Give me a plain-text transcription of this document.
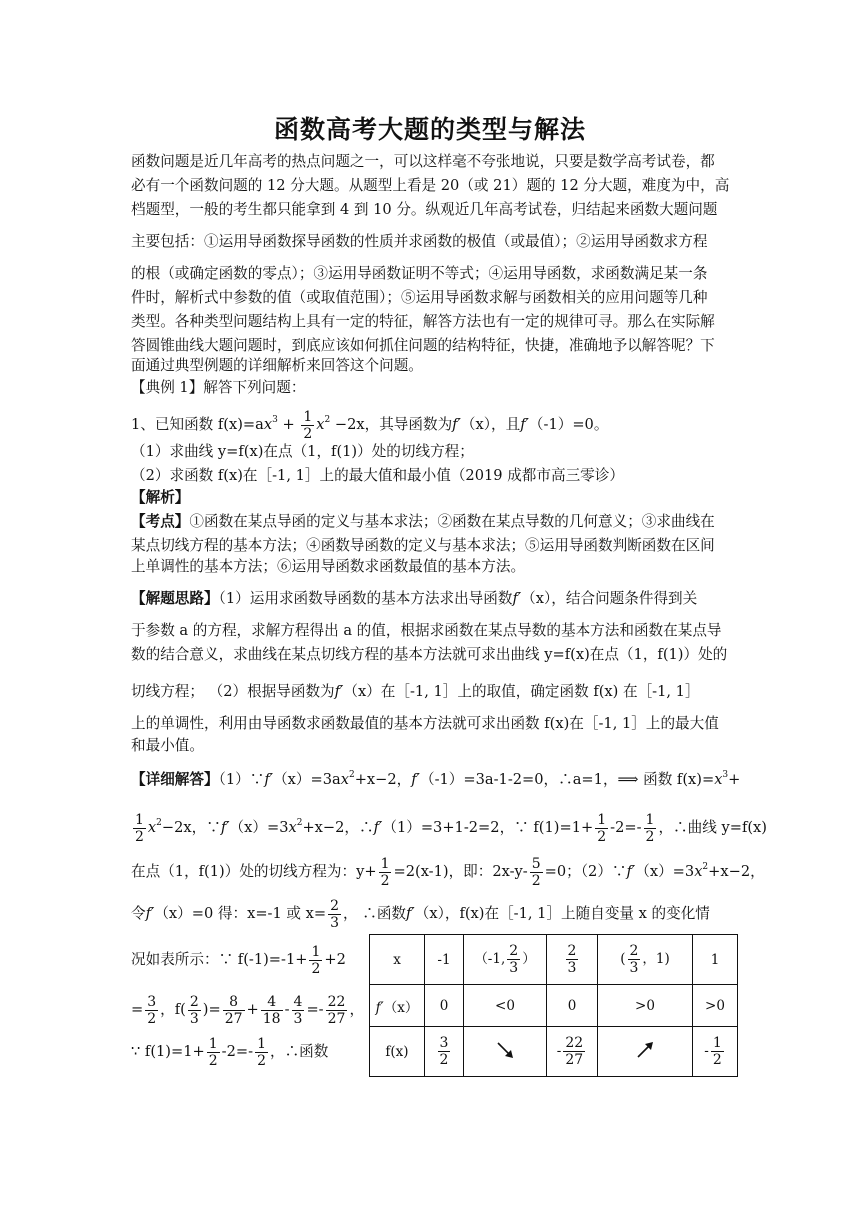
函数高考大题的类型与解法
函数问题是近几年高考的热点问题之一，可以这样毫不夸张地说，只要是数学高考试卷，都
必有一个函数问题的 12 分大题。从题型上看是 20（或 21）题的 12 分大题，难度为中，高
档题型，一般的考生都只能拿到 4 到 10 分。纵观近几年高考试卷，归结起来函数大题问题
主要包括：①运用导函数探导函数的性质并求函数的极值（或最值）；②运用导函数求方程
的根（或确定函数的零点）；③运用导函数证明不等式；④运用导函数，求函数满足某一条
件时，解析式中参数的值（或取值范围）；⑤运用导函数求解与函数相关的应用问题等几种
类型。各种类型问题结构上具有一定的特征，解答方法也有一定的规律可寻。那么在实际解
答圆锥曲线大题问题时，到底应该如何抓住问题的结构特征，快捷，准确地予以解答呢？下
面通过典型例题的详细解析来回答这个问题。
【典例 1】解答下列问题：
1、已知函数 $f(x)=ax^3 + \frac{1}{2} x^2 -2x$，其导函数为f′（x），且f′（-1）=0。
（1）求曲线 y=f(x)在点（1，f(1)）处的切线方程；
（2）求函数 f(x)在［-1, 1］上的最大值和最小值（2019 成都市高三零诊）
【解析】
【考点】①函数在某点导函的定义与基本求法；②函数在某点导数的几何意义；③求曲线在
某点切线方程的基本方法；④函数导函数的定义与基本求法；⑤运用导函数判断函数在区间
上单调性的基本方法；⑥运用导函数求函数最值的基本方法。
【解题思路】（1）运用求函数导函数的基本方法求出导函数f′（x），结合问题条件得到关
于参数 a 的方程，求解方程得出 a 的值，根据求函数在某点导数的基本方法和函数在某点导
数的结合意义，求曲线在某点切线方程的基本方法就可求出曲线 y=f(x)在点（1，f(1)）处的
切线方程； （2）根据导函数为f′（x）在［-1, 1］上的取值，确定函数 f(x) 在［-1, 1］
上的单调性，利用由导函数求函数最值的基本方法就可求出函数 f(x)在［-1, 1］上的最大值
和最小值。
【详细解答】$(1)\because f'(x)=3ax^2+x-2$，f′（-1）=3a-1-2=0，∴a=1，⟹ 函数 $f(x)=x^3+$
$\frac{1}{2} x^2-2x$，$\because f'(x)=3x^2+x-2$，∴f′（1）=3+1-2=2，∵ $f(1)=1+ \frac{1}{2} -2=- \frac{1}{2}$ ，∴曲线 y=f(x)
在点（1，f(1)）处的切线方程为：$y+ \frac{1}{2} =2(x-1)$，即：$2x-y- \frac{5}{2} =0$；$(2)\because f'(x)=3x^2+x-2$，
令f′（x）=0 得：x=-1 或 $x= \frac{2}{3}$ ， ∴函数f′（x），f(x)在［-1, 1］上随自变量 x 的变化情
况如表所示：∵ $f(-1)=-1+ \frac{1}{2} +2$
= $\frac{3}{2}$ ，$f( \frac{2}{3}$ )= $\frac{8}{27} + \frac{4}{18} - \frac{4}{3} =- \frac{22}{27}$ ，
∵ $f(1)=1+ \frac{1}{2} -2=- \frac{1}{2}$ ，∴函数
x	-1	（-1, $\frac{2}{3}$ ）	$\frac{2}{3}$	( $\frac{2}{3}$ ，1)	1
f′（x）	0	<0	0	>0	>0
f(x)	$\frac{3}{2}$		- $\frac{22}{27}$		- $\frac{1}{2}$
